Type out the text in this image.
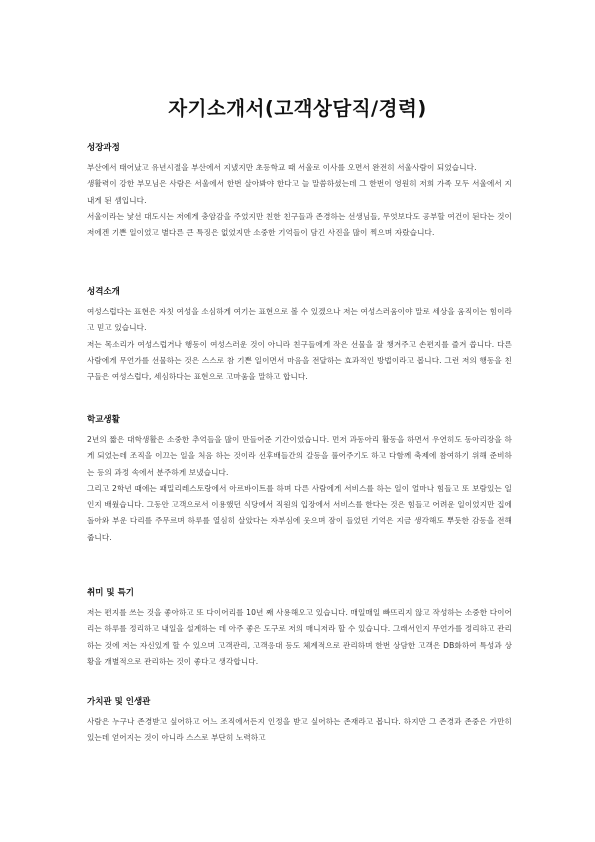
자기소개서(고객상담직/경력)
성장과정
부산에서 태어났고 유년시절을 부산에서 지냈지만 초등학교 때 서울로 이사를 오면서 완전히 서울사람이 되었습니다.
생활력이 강한 부모님은 사람은 서울에서 한번 살아봐야 한다고 늘 말씀하셨는데 그 한번이 영원히 저희 가족 모두 서울에서 지내게 된 셈입니다.
서울이라는 낯선 대도시는 저에게 충암감을 주었지만 친한 친구들과 존경하는 선생님들, 무엇보다도 공부할 여건이 된다는 것이 저에겐 기쁜 일이었고 별다른 큰 특징은 없었지만 소중한 기억들이 담긴 사진을 많이 찍으며 자랐습니다.
성격소개
여성스럽다는 표현은 자칫 여성을 소심하게 여기는 표현으로 볼 수 있겠으나 저는 여성스러움이야 말로 세상을 움직이는 힘이라고 믿고 있습니다.
저는 목소리가 여성스럽거나 행동이 여성스러운 것이 아니라 친구들에게 작은 선물을 잘 챙겨주고 손편지를 즐겨 씁니다. 다른 사람에게 무언가를 선물하는 것은 스스로 참 기쁜 일이면서 마음을 전달하는 효과적인 방법이라고 봅니다. 그런 저의 행동을 친구들은 여성스럽다, 세심하다는 표현으로 고마움을 말하고 합니다.
학교생활
2년의 짧은 대학생활은 소중한 추억들을 많이 만들어준 기간이었습니다. 먼저 과동아리 활동을 하면서 우연히도 동아리장을 하게 되었는데 조직을 이끄는 일을 처음 하는 것이라 선후배들간의 갈등을 풀어주기도 하고 다함께 축제에 참여하기 위해 준비하는 등의 과정 속에서 분주하게 보냈습니다.
그리고 2학년 때에는 패밀리레스토랑에서 아르바이트를 하며 다른 사람에게 서비스를 하는 일이 얼마나 힘들고 또 보람있는 일인지 배웠습니다. 그동안 고객으로서 이용했던 식당에서 직원의 입장에서 서비스를 한다는 것은 힘들고 어려운 일이었지만 집에 돌아와 부운 다리를 주무르며 하루를 열심히 살았다는 자부심에 웃으며 잠이 들었던 기억은 지금 생각해도 뿌듯한 감동을 전해줍니다.
취미 및 특기
저는 편지를 쓰는 것을 좋아하고 또 다이어리를 10년 째 사용해오고 있습니다. 매일매일 빠뜨리지 않고 작성하는 소중한 다이어리는 하루를 정리하고 내일을 설계하는 데 아주 좋은 도구로 저의 매니저라 할 수 있습니다. 그래서인지 무언가를 정리하고 관리하는 것에 저는 자신있게 할 수 있으며 고객관리, 고객응대 등도 체계적으로 관리하며 한번 상담한 고객은 DB화하여 특성과 상황을 개별적으로 관리하는 것이 좋다고 생각합니다.
가치관 및 인생관
사람은 누구나 존경받고 싶어하고 어느 조직에서든지 인정을 받고 싶어하는 존재라고 봅니다. 하지만 그 존경과 존중은 가만히 있는데 얻어지는 것이 아니라 스스로 부단히 노력하고
